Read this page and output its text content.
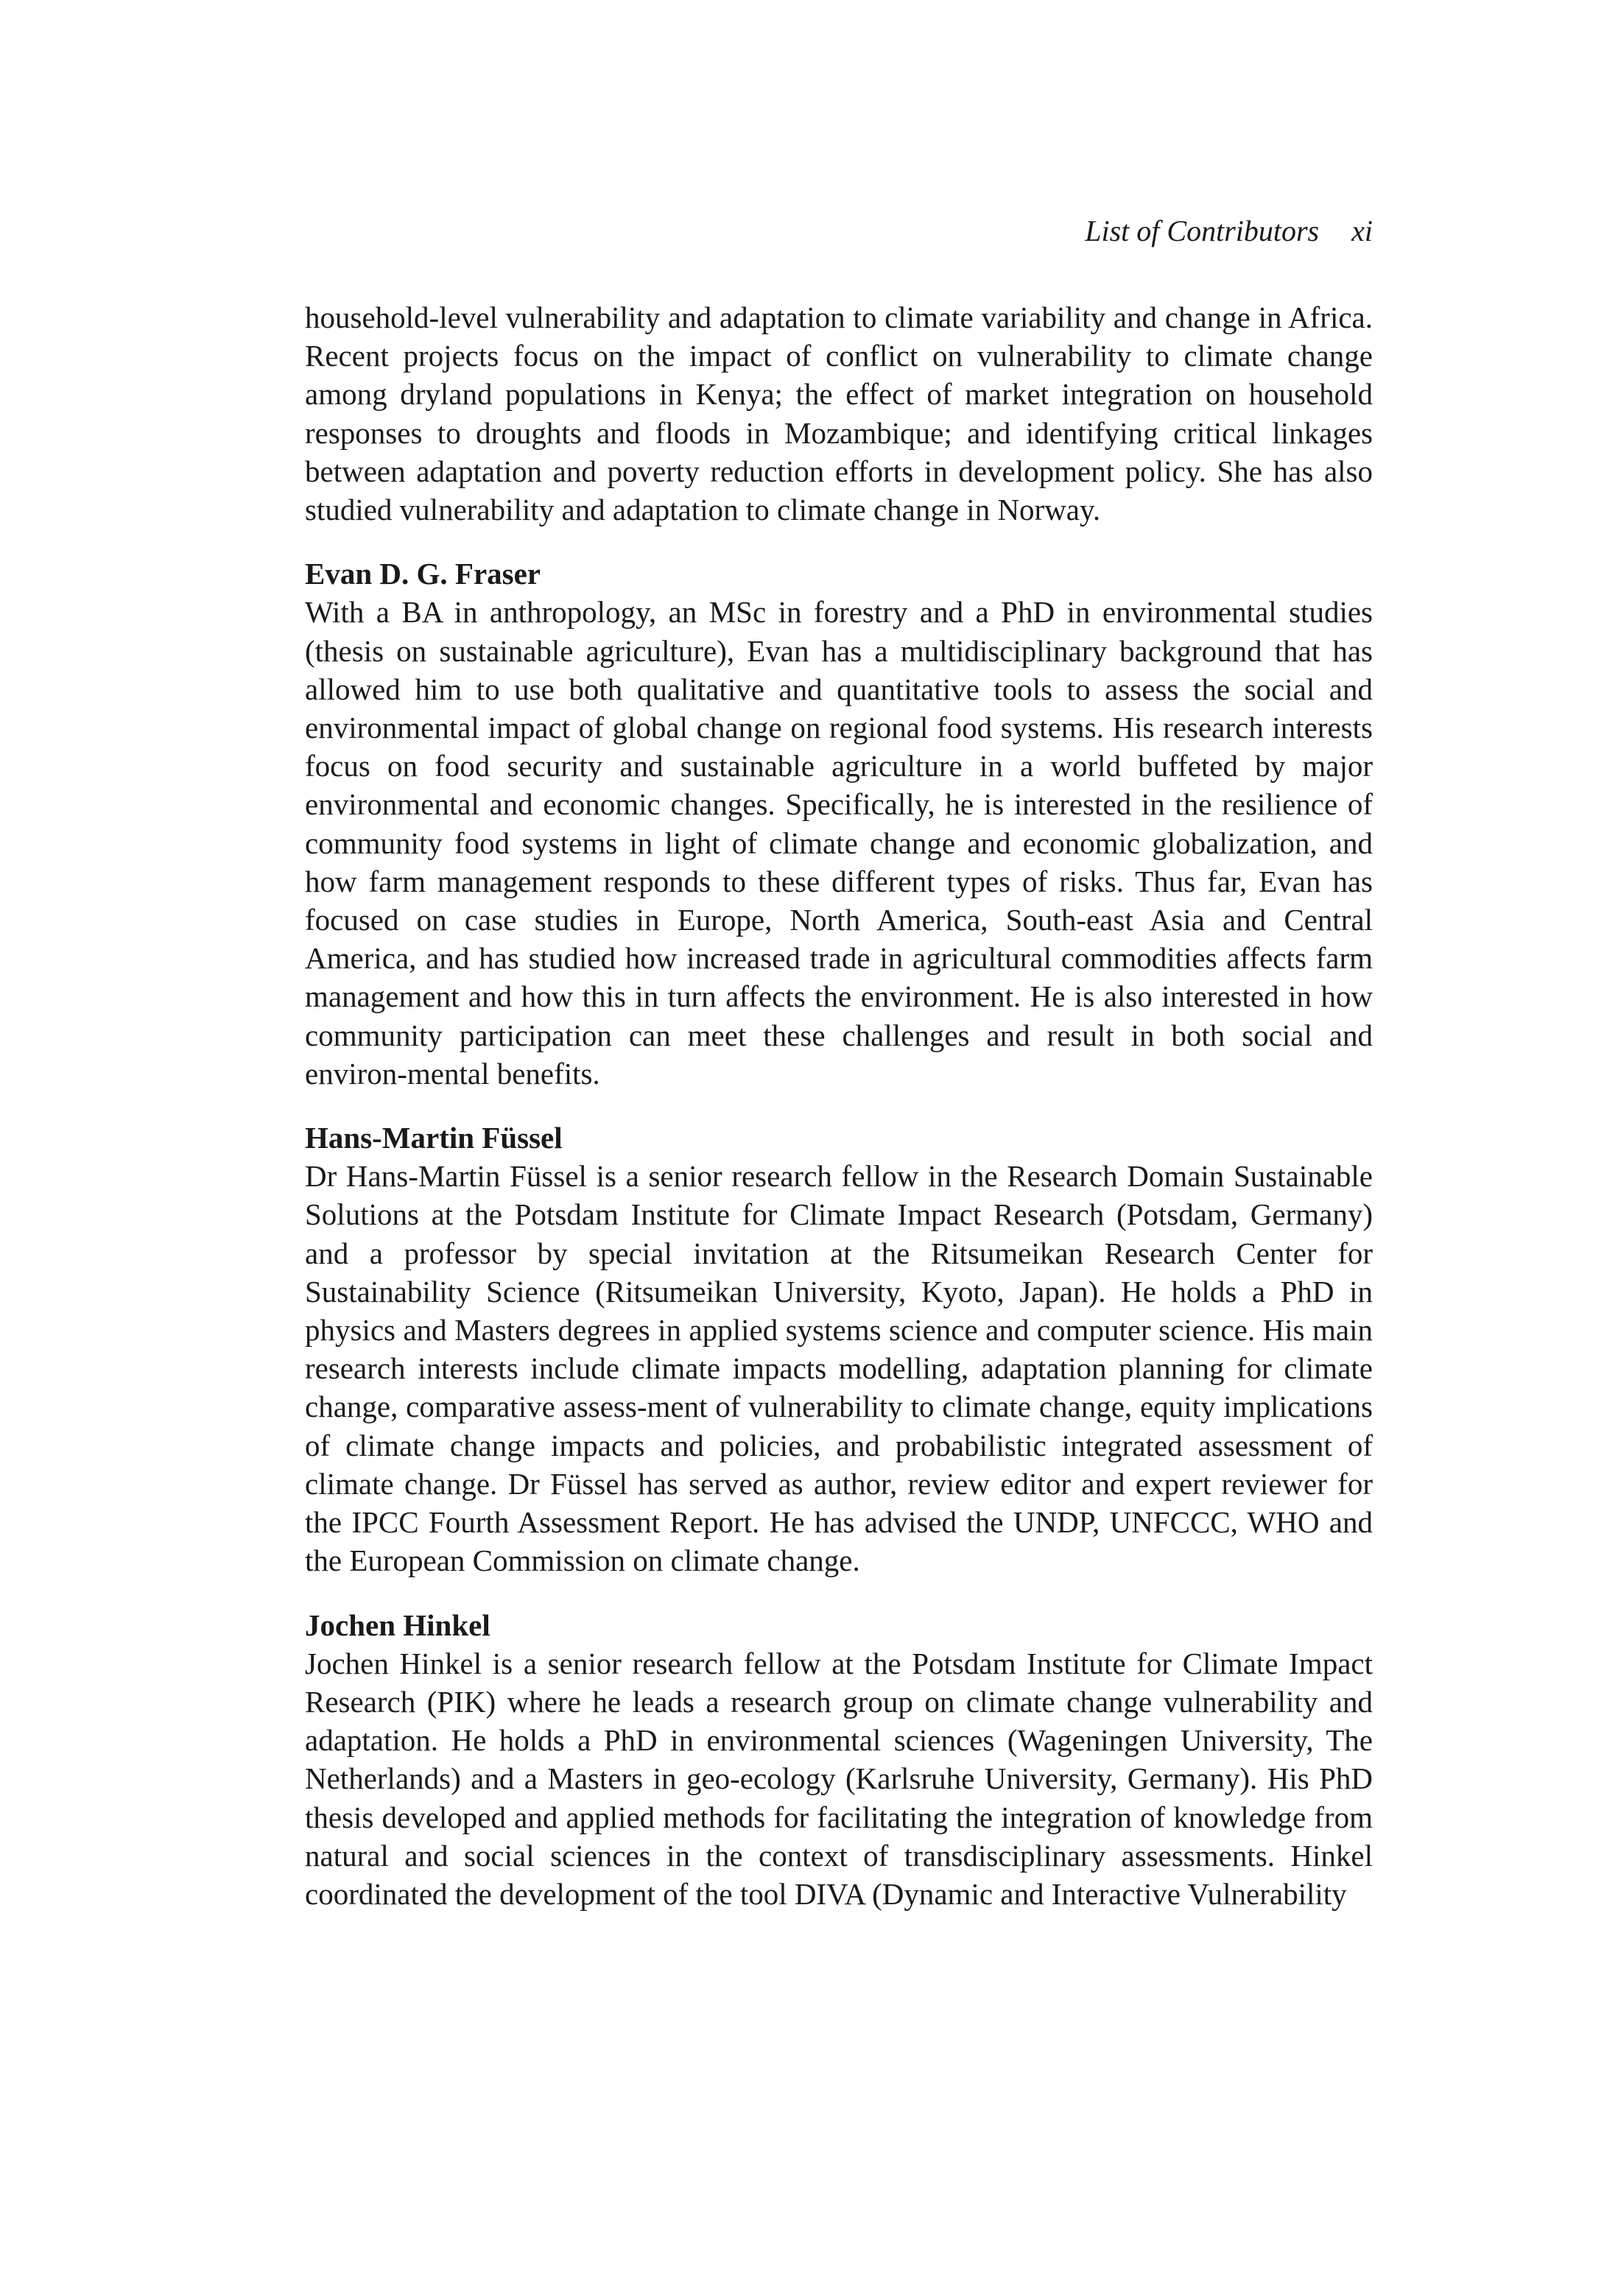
List of Contributors xi

household-level vulnerability and adaptation to climate variability and change in Africa. Recent projects focus on the impact of conflict on vulnerability to climate change among dryland populations in Kenya; the effect of market integration on household responses to droughts and floods in Mozambique; and identifying critical linkages between adaptation and poverty reduction efforts in development policy. She has also studied vulnerability and adaptation to climate change in Norway.

Evan D. G. Fraser

With a BA in anthropology, an MSc in forestry and a PhD in environmental studies (thesis on sustainable agriculture), Evan has a multidisciplinary background that has allowed him to use both qualitative and quantitative tools to assess the social and environmental impact of global change on regional food systems. His research interests focus on food security and sustainable agriculture in a world buffeted by major environmental and economic changes. Specifically, he is interested in the resilience of community food systems in light of climate change and economic globalization, and how farm management responds to these different types of risks. Thus far, Evan has focused on case studies in Europe, North America, South-east Asia and Central America, and has studied how increased trade in agricultural commodities affects farm management and how this in turn affects the environment. He is also interested in how community participation can meet these challenges and result in both social and environ-mental benefits.

Hans-Martin Füssel

Dr Hans-Martin Füssel is a senior research fellow in the Research Domain Sustainable Solutions at the Potsdam Institute for Climate Impact Research (Potsdam, Germany) and a professor by special invitation at the Ritsumeikan Research Center for Sustainability Science (Ritsumeikan University, Kyoto, Japan). He holds a PhD in physics and Masters degrees in applied systems science and computer science. His main research interests include climate impacts modelling, adaptation planning for climate change, comparative assess-ment of vulnerability to climate change, equity implications of climate change impacts and policies, and probabilistic integrated assessment of climate change. Dr Füssel has served as author, review editor and expert reviewer for the IPCC Fourth Assessment Report. He has advised the UNDP, UNFCCC, WHO and the European Commission on climate change.

Jochen Hinkel

Jochen Hinkel is a senior research fellow at the Potsdam Institute for Climate Impact Research (PIK) where he leads a research group on climate change vulnerability and adaptation. He holds a PhD in environmental sciences (Wageningen University, The Netherlands) and a Masters in geo-ecology (Karlsruhe University, Germany). His PhD thesis developed and applied methods for facilitating the integration of knowledge from natural and social sciences in the context of transdisciplinary assessments. Hinkel coordinated the development of the tool DIVA (Dynamic and Interactive Vulnerability
